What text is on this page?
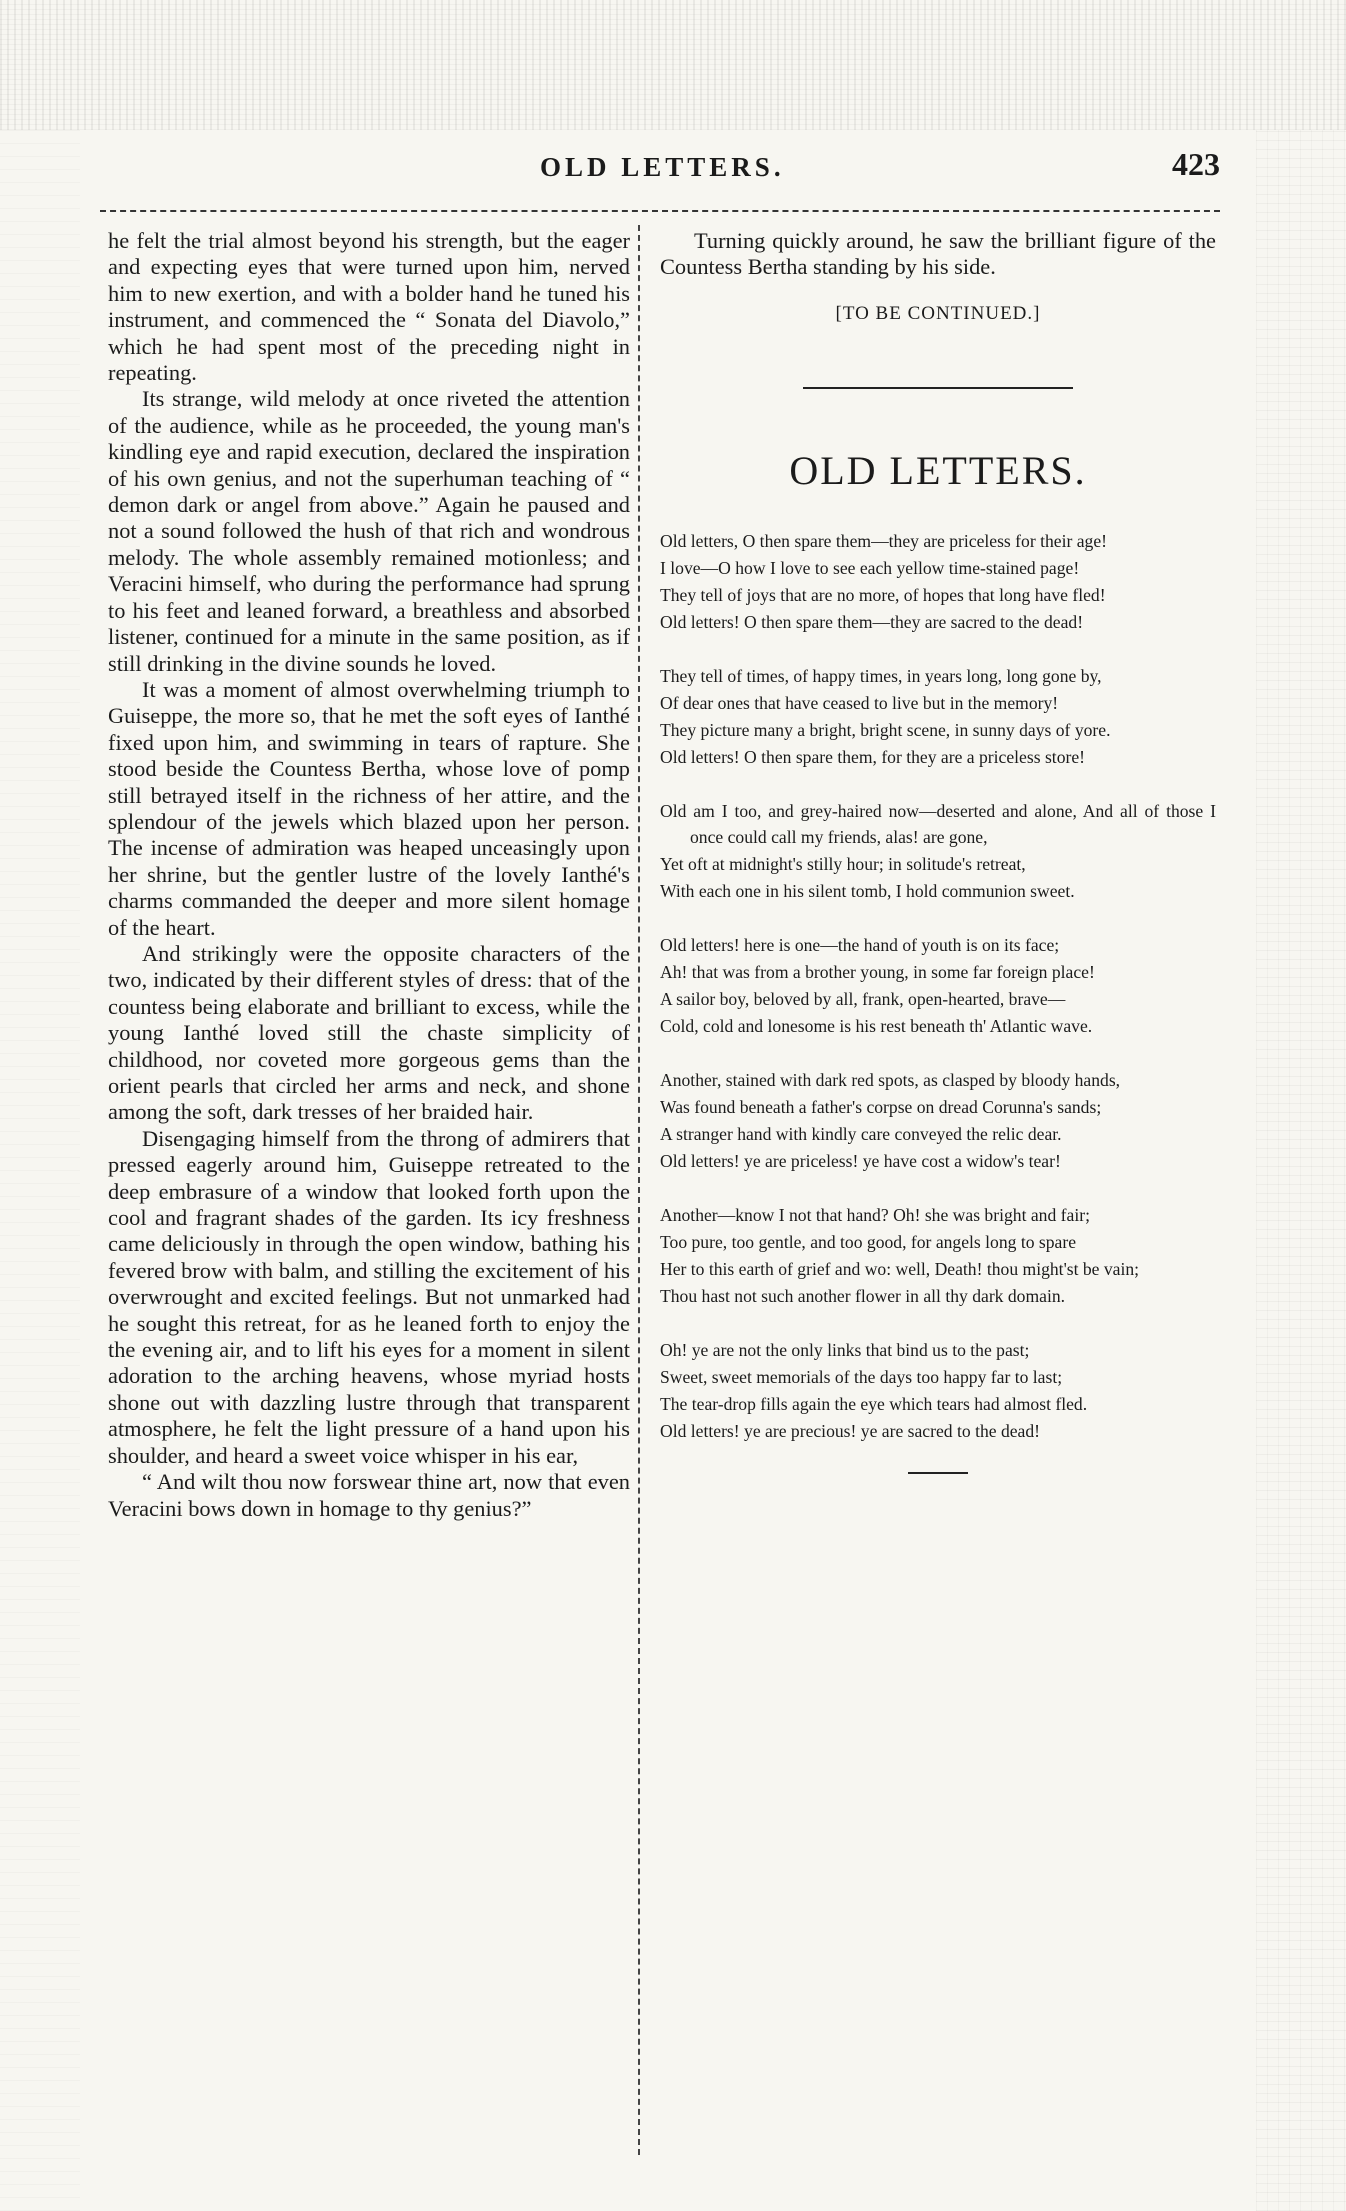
OLD LETTERS.	423

he felt the trial almost beyond his strength, but the eager and expecting eyes that were turned upon him, nerved him to new exertion, and with a bolder hand he tuned his instrument, and commenced the “ Sonata del Diavolo,” which he had spent most of the preceding night in repeating.

Its strange, wild melody at once riveted the attention of the audience, while as he proceeded, the young man's kindling eye and rapid execution, declared the inspiration of his own genius, and not the superhuman teaching of “ demon dark or angel from above.” Again he paused and not a sound followed the hush of that rich and wondrous melody. The whole assembly remained motionless; and Veracini himself, who during the performance had sprung to his feet and leaned forward, a breathless and absorbed listener, continued for a minute in the same position, as if still drinking in the divine sounds he loved.

It was a moment of almost overwhelming triumph to Guiseppe, the more so, that he met the soft eyes of Ianthé fixed upon him, and swimming in tears of rapture. She stood beside the Countess Bertha, whose love of pomp still betrayed itself in the richness of her attire, and the splendour of the jewels which blazed upon her person. The incense of admiration was heaped unceasingly upon her shrine, but the gentler lustre of the lovely Ianthé's charms commanded the deeper and more silent homage of the heart.

And strikingly were the opposite characters of the two, indicated by their different styles of dress: that of the countess being elaborate and brilliant to excess, while the young Ianthé loved still the chaste simplicity of childhood, nor coveted more gorgeous gems than the orient pearls that circled her arms and neck, and shone among the soft, dark tresses of her braided hair.

Disengaging himself from the throng of admirers that pressed eagerly around him, Guiseppe retreated to the deep embrasure of a window that looked forth upon the cool and fragrant shades of the garden. Its icy freshness came deliciously in through the open window, bathing his fevered brow with balm, and stilling the excitement of his overwrought and excited feelings. But not unmarked had he sought this retreat, for as he leaned forth to enjoy the the evening air, and to lift his eyes for a moment in silent adoration to the arching heavens, whose myriad hosts shone out with dazzling lustre through that transparent atmosphere, he felt the light pressure of a hand upon his shoulder, and heard a sweet voice whisper in his ear,

“ And wilt thou now forswear thine art, now that even Veracini bows down in homage to thy genius?”

Turning quickly around, he saw the brilliant figure of the Countess Bertha standing by his side.

[TO BE CONTINUED.]

OLD LETTERS.
Old letters, O then spare them—they are priceless for their age!
I love—O how I love to see each yellow time-stained page!
They tell of joys that are no more, of hopes that long have fled!
Old letters! O then spare them—they are sacred to the dead!
They tell of times, of happy times, in years long, long gone by,
Of dear ones that have ceased to live but in the memory!
They picture many a bright, bright scene, in sunny days of yore.
Old letters! O then spare them, for they are a priceless store!
Old am I too, and grey-haired now—deserted and alone, And all of those I once could call my friends, alas! are gone,
Yet oft at midnight's stilly hour; in solitude's retreat,
With each one in his silent tomb, I hold communion sweet.
Old letters! here is one—the hand of youth is on its face;
Ah! that was from a brother young, in some far foreign place!
A sailor boy, beloved by all, frank, open-hearted, brave—
Cold, cold and lonesome is his rest beneath th' Atlantic wave.
Another, stained with dark red spots, as clasped by bloody hands,
Was found beneath a father's corpse on dread Corunna's sands;
A stranger hand with kindly care conveyed the relic dear.
Old letters! ye are priceless! ye have cost a widow's tear!
Another—know I not that hand? Oh! she was bright and fair;
Too pure, too gentle, and too good, for angels long to spare
Her to this earth of grief and wo: well, Death! thou might'st be vain;
Thou hast not such another flower in all thy dark domain.
Oh! ye are not the only links that bind us to the past;
Sweet, sweet memorials of the days too happy far to last;
The tear-drop fills again the eye which tears had almost fled.
Old letters! ye are precious! ye are sacred to the dead!
